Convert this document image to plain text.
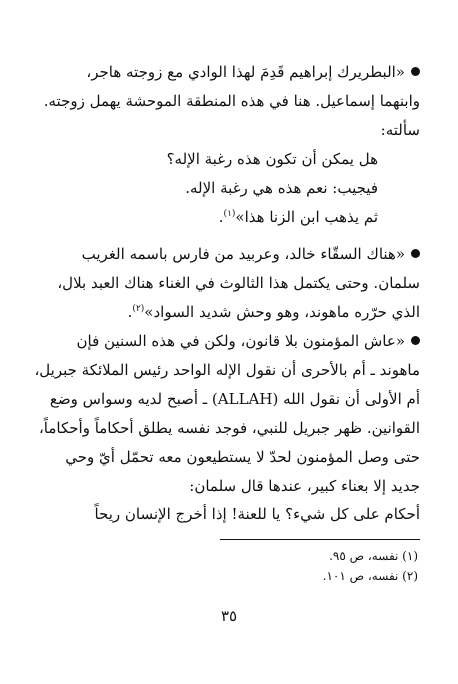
«البطريرك إبراهيم قَدِمَ لهذا الوادي مع زوجته هاجر،
وابنهما إسماعيل. هنا في هذه المنطقة الموحشة يهمل زوجته.
سألته:

هل يمكن أن تكون هذه رغبة الإله؟
فيجيب: نعم هذه هي رغبة الإله.
ثم يذهب ابن الزنا هذا»$^{(١)}$.

«هناك السقّاء خالد، وعربيد من فارس باسمه الغريب
سلمان. وحتى يكتمل هذا الثالوث في الغناء هناك العبد بلال،
الذي حرّره ماهوند، وهو وحش شديد السواد»$^{(٢)}$.

«عاش المؤمنون بلا قانون، ولكن في هذه السنين فإن
ماهوند ـ أم بالأحرى أن نقول الإله الواحد رئيس الملائكة جبريل،
أم الأولى أن نقول الله (ALLAH) ـ أصبح لديه وسواس وضع
القوانين. ظهر جبريل للنبي، فوجد نفسه يطلق أحكاماً وأحكاماً،
حتى وصل المؤمنون لحدّ لا يستطيعون معه تحمّل أيّ وحي
جديد إلا بعناء كبير، عندها قال سلمان:

أحكام على كل شيء؟ يا للعنة! إذا أخرج الإنسان ريحاً

(١) نفسه، ص ٩٥.
(٢) نفسه، ص ١٠١.
٣٥
